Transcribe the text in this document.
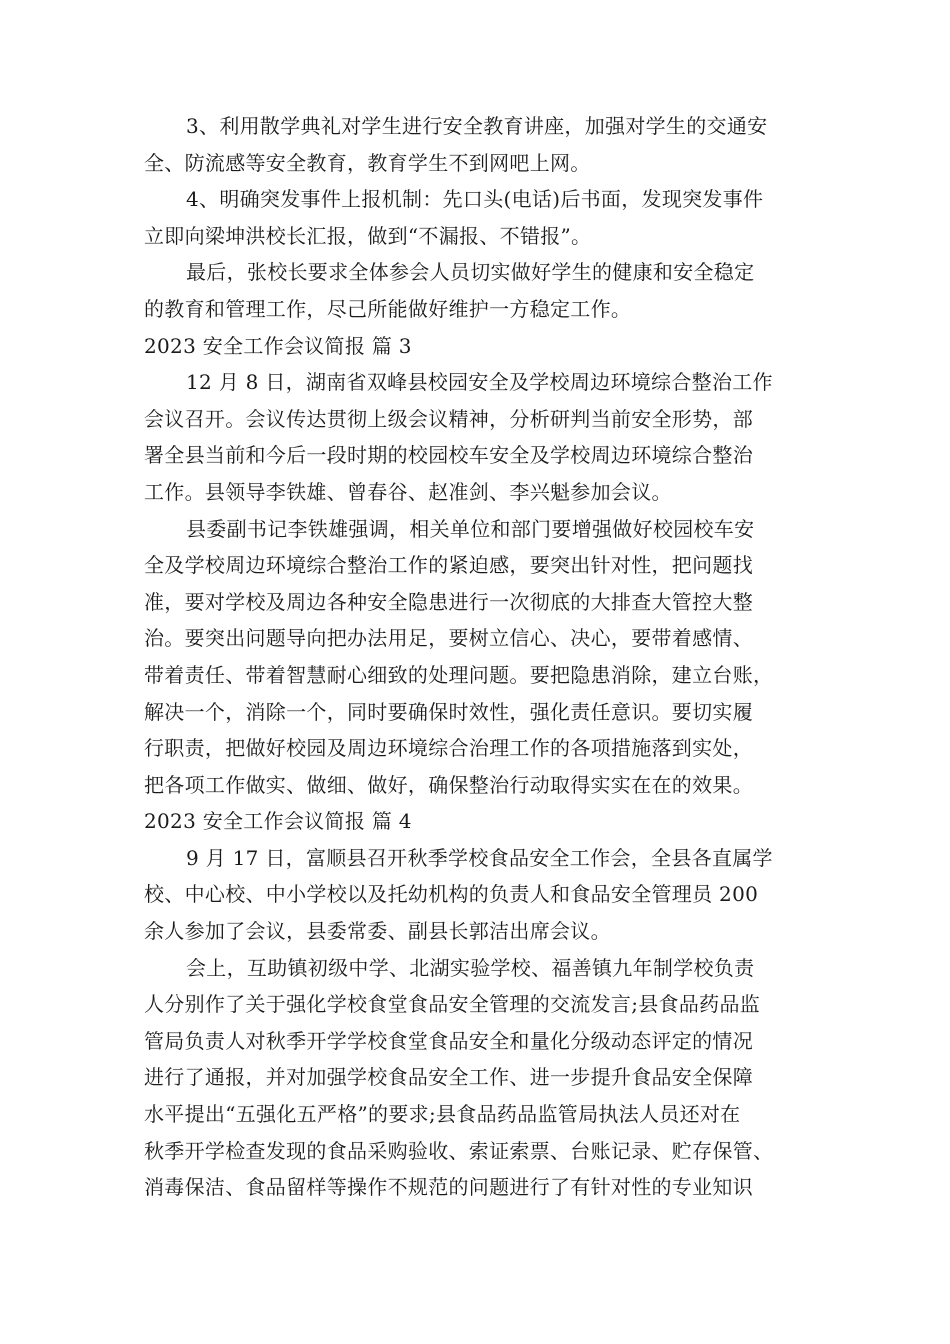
3、利用散学典礼对学生进行安全教育讲座，加强对学生的交通安
全、防流感等安全教育，教育学生不到网吧上网。
4、明确突发事件上报机制：先口头(电话)后书面，发现突发事件
立即向梁坤洪校长汇报，做到“不漏报、不错报”。
最后，张校长要求全体参会人员切实做好学生的健康和安全稳定
的教育和管理工作，尽己所能做好维护一方稳定工作。
2023 安全工作会议简报 篇 3
12 月 8 日，湖南省双峰县校园安全及学校周边环境综合整治工作
会议召开。会议传达贯彻上级会议精神，分析研判当前安全形势，部
署全县当前和今后一段时期的校园校车安全及学校周边环境综合整治
工作。县领导李铁雄、曾春谷、赵准剑、李兴魁参加会议。
县委副书记李铁雄强调，相关单位和部门要增强做好校园校车安
全及学校周边环境综合整治工作的紧迫感，要突出针对性，把问题找
准，要对学校及周边各种安全隐患进行一次彻底的大排查大管控大整
治。要突出问题导向把办法用足，要树立信心、决心，要带着感情、
带着责任、带着智慧耐心细致的处理问题。要把隐患消除，建立台账，
解决一个，消除一个，同时要确保时效性，强化责任意识。要切实履
行职责，把做好校园及周边环境综合治理工作的各项措施落到实处，
把各项工作做实、做细、做好，确保整治行动取得实实在在的效果。
2023 安全工作会议简报 篇 4
9 月 17 日，富顺县召开秋季学校食品安全工作会，全县各直属学
校、中心校、中小学校以及托幼机构的负责人和食品安全管理员 200
余人参加了会议，县委常委、副县长郭洁出席会议。
会上，互助镇初级中学、北湖实验学校、福善镇九年制学校负责
人分别作了关于强化学校食堂食品安全管理的交流发言;县食品药品监
管局负责人对秋季开学学校食堂食品安全和量化分级动态评定的情况
进行了通报，并对加强学校食品安全工作、进一步提升食品安全保障
水平提出“五强化五严格”的要求;县食品药品监管局执法人员还对在
秋季开学检查发现的食品采购验收、索证索票、台账记录、贮存保管、
消毒保洁、食品留样等操作不规范的问题进行了有针对性的专业知识
